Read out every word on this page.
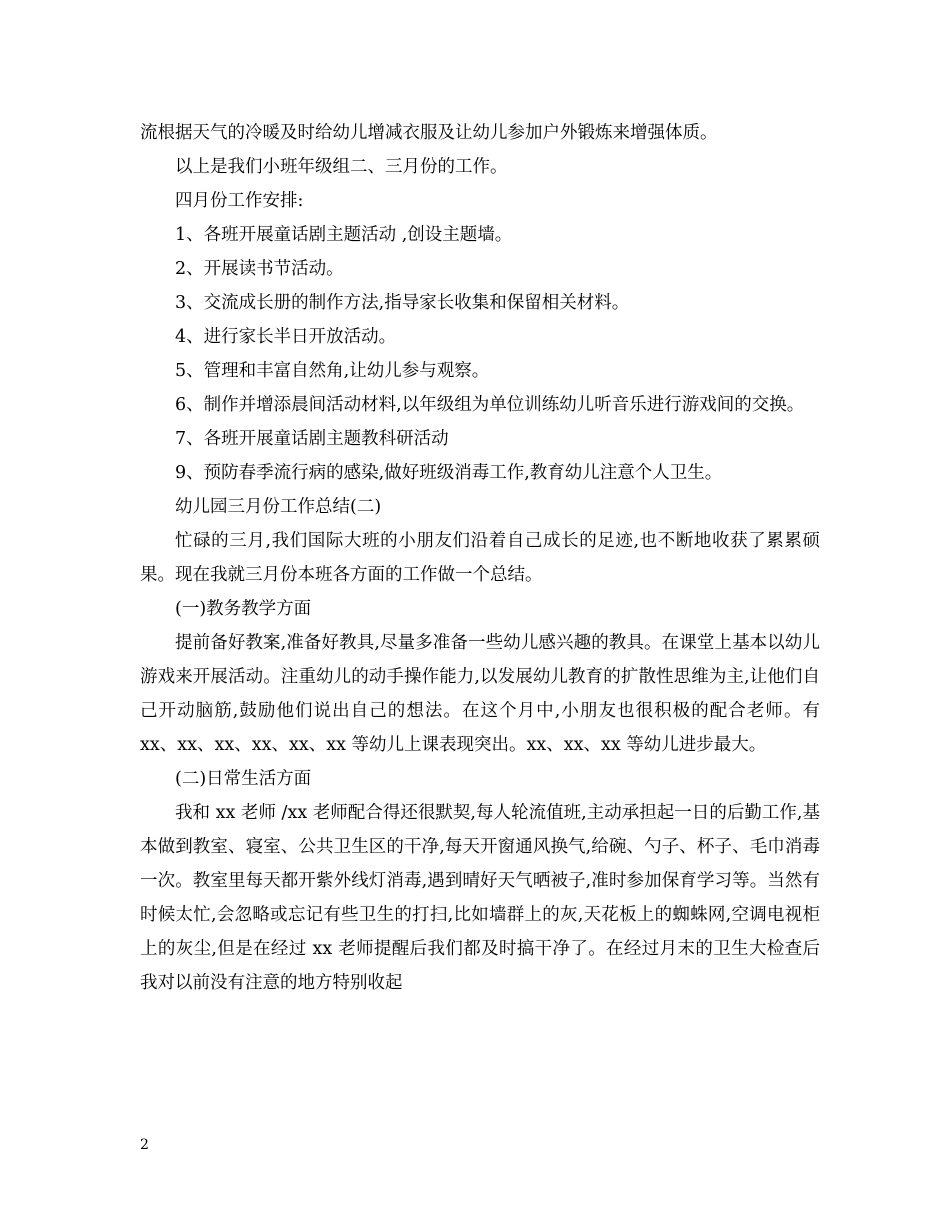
流根据天气的冷暖及时给幼儿增减衣服及让幼儿参加户外锻炼来增强体质。

以上是我们小班年级组二、三月份的工作。

四月份工作安排:

1、各班开展童话剧主题活动 ,创设主题墙。

2、开展读书节活动。

3、交流成长册的制作方法,指导家长收集和保留相关材料。

4、进行家长半日开放活动。

5、管理和丰富自然角,让幼儿参与观察。

6、制作并增添晨间活动材料,以年级组为单位训练幼儿听音乐进行游戏间的交换。

7、各班开展童话剧主题教科研活动

9、预防春季流行病的感染,做好班级消毒工作,教育幼儿注意个人卫生。

幼儿园三月份工作总结(二)

忙碌的三月,我们国际大班的小朋友们沿着自己成长的足迹,也不断地收获了累累硕果。现在我就三月份本班各方面的工作做一个总结。

(一)教务教学方面

提前备好教案,准备好教具,尽量多准备一些幼儿感兴趣的教具。在课堂上基本以幼儿游戏来开展活动。注重幼儿的动手操作能力,以发展幼儿教育的扩散性思维为主,让他们自己开动脑筋,鼓励他们说出自己的想法。在这个月中,小朋友也很积极的配合老师。有 xx、xx、xx、xx、xx、xx 等幼儿上课表现突出。xx、xx、xx 等幼儿进步最大。

(二)日常生活方面

我和 xx 老师 /xx 老师配合得还很默契,每人轮流值班,主动承担起一日的后勤工作,基本做到教室、寝室、公共卫生区的干净,每天开窗通风换气,给碗、勺子、杯子、毛巾消毒一次。教室里每天都开紫外线灯消毒,遇到晴好天气晒被子,准时参加保育学习等。当然有时候太忙,会忽略或忘记有些卫生的打扫,比如墙群上的灰,天花板上的蜘蛛网,空调电视柜上的灰尘,但是在经过 xx 老师提醒后我们都及时搞干净了。在经过月末的卫生大检查后我对以前没有注意的地方特别收起

2
